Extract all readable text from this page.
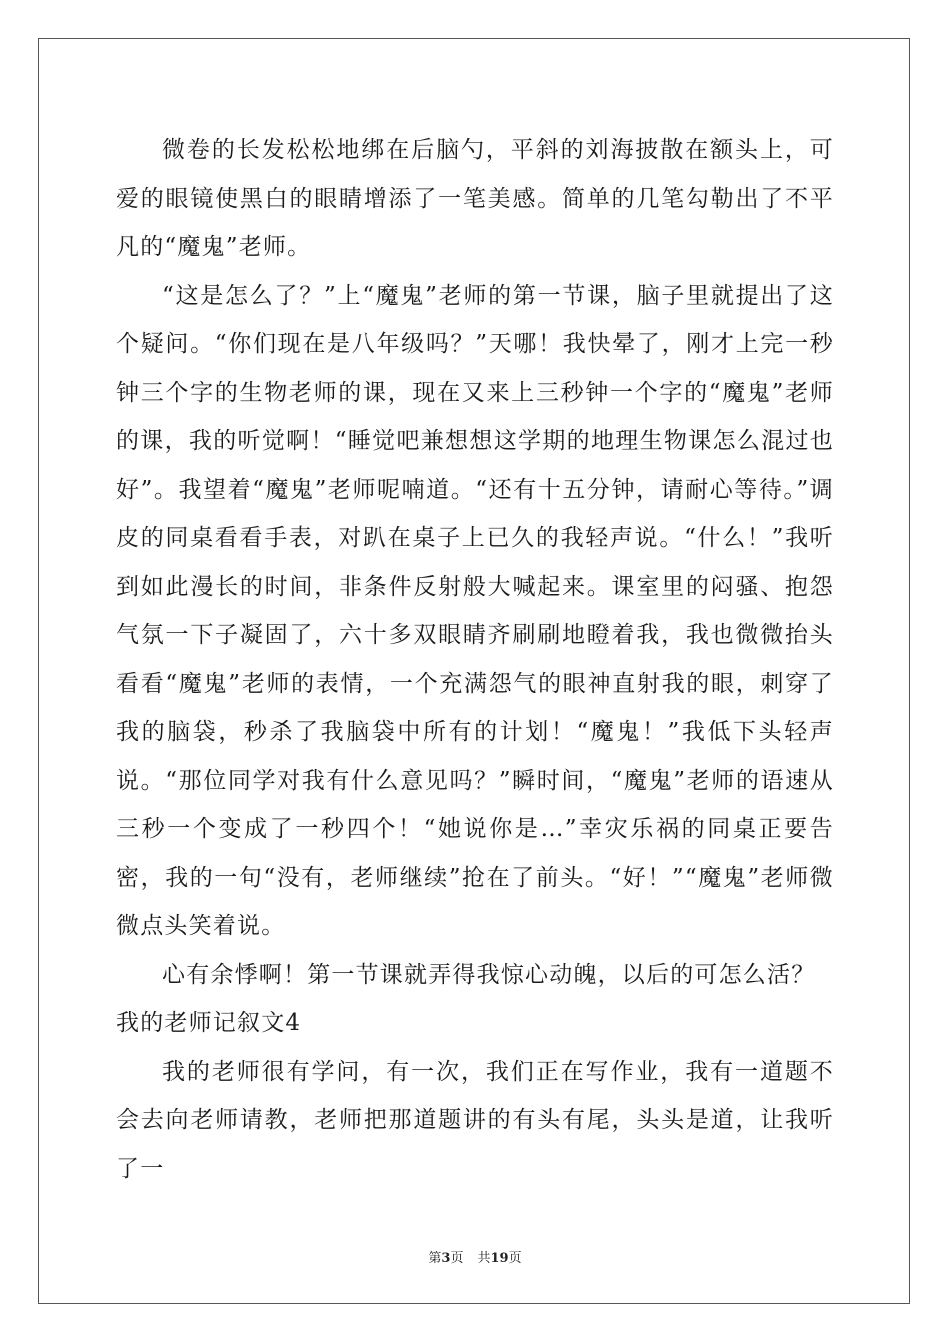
微卷的长发松松地绑在后脑勺，平斜的刘海披散在额头上，可爱的眼镜使黑白的眼睛增添了一笔美感。简单的几笔勾勒出了不平凡的“魔鬼”老师。

“这是怎么了？”上“魔鬼”老师的第一节课，脑子里就提出了这个疑问。“你们现在是八年级吗？”天哪！我快晕了，刚才上完一秒钟三个字的生物老师的课，现在又来上三秒钟一个字的“魔鬼”老师的课，我的听觉啊！“睡觉吧兼想想这学期的地理生物课怎么混过也好”。我望着“魔鬼”老师呢喃道。“还有十五分钟，请耐心等待。”调皮的同桌看看手表，对趴在桌子上已久的我轻声说。“什么！”我听到如此漫长的时间，非条件反射般大喊起来。课室里的闷骚、抱怨气氛一下子凝固了，六十多双眼睛齐刷刷地瞪着我，我也微微抬头看看“魔鬼”老师的表情，一个充满怨气的眼神直射我的眼，刺穿了我的脑袋，秒杀了我脑袋中所有的计划！“魔鬼！”我低下头轻声说。“那位同学对我有什么意见吗？”瞬时间，“魔鬼”老师的语速从三秒一个变成了一秒四个！“她说你是…”幸灾乐祸的同桌正要告密，我的一句“没有，老师继续”抢在了前头。“好！”“魔鬼”老师微微点头笑着说。

心有余悸啊！第一节课就弄得我惊心动魄，以后的可怎么活？

我的老师记叙文4

我的老师很有学问，有一次，我们正在写作业，我有一道题不会去向老师请教，老师把那道题讲的有头有尾，头头是道，让我听了一

第3页 共19页
